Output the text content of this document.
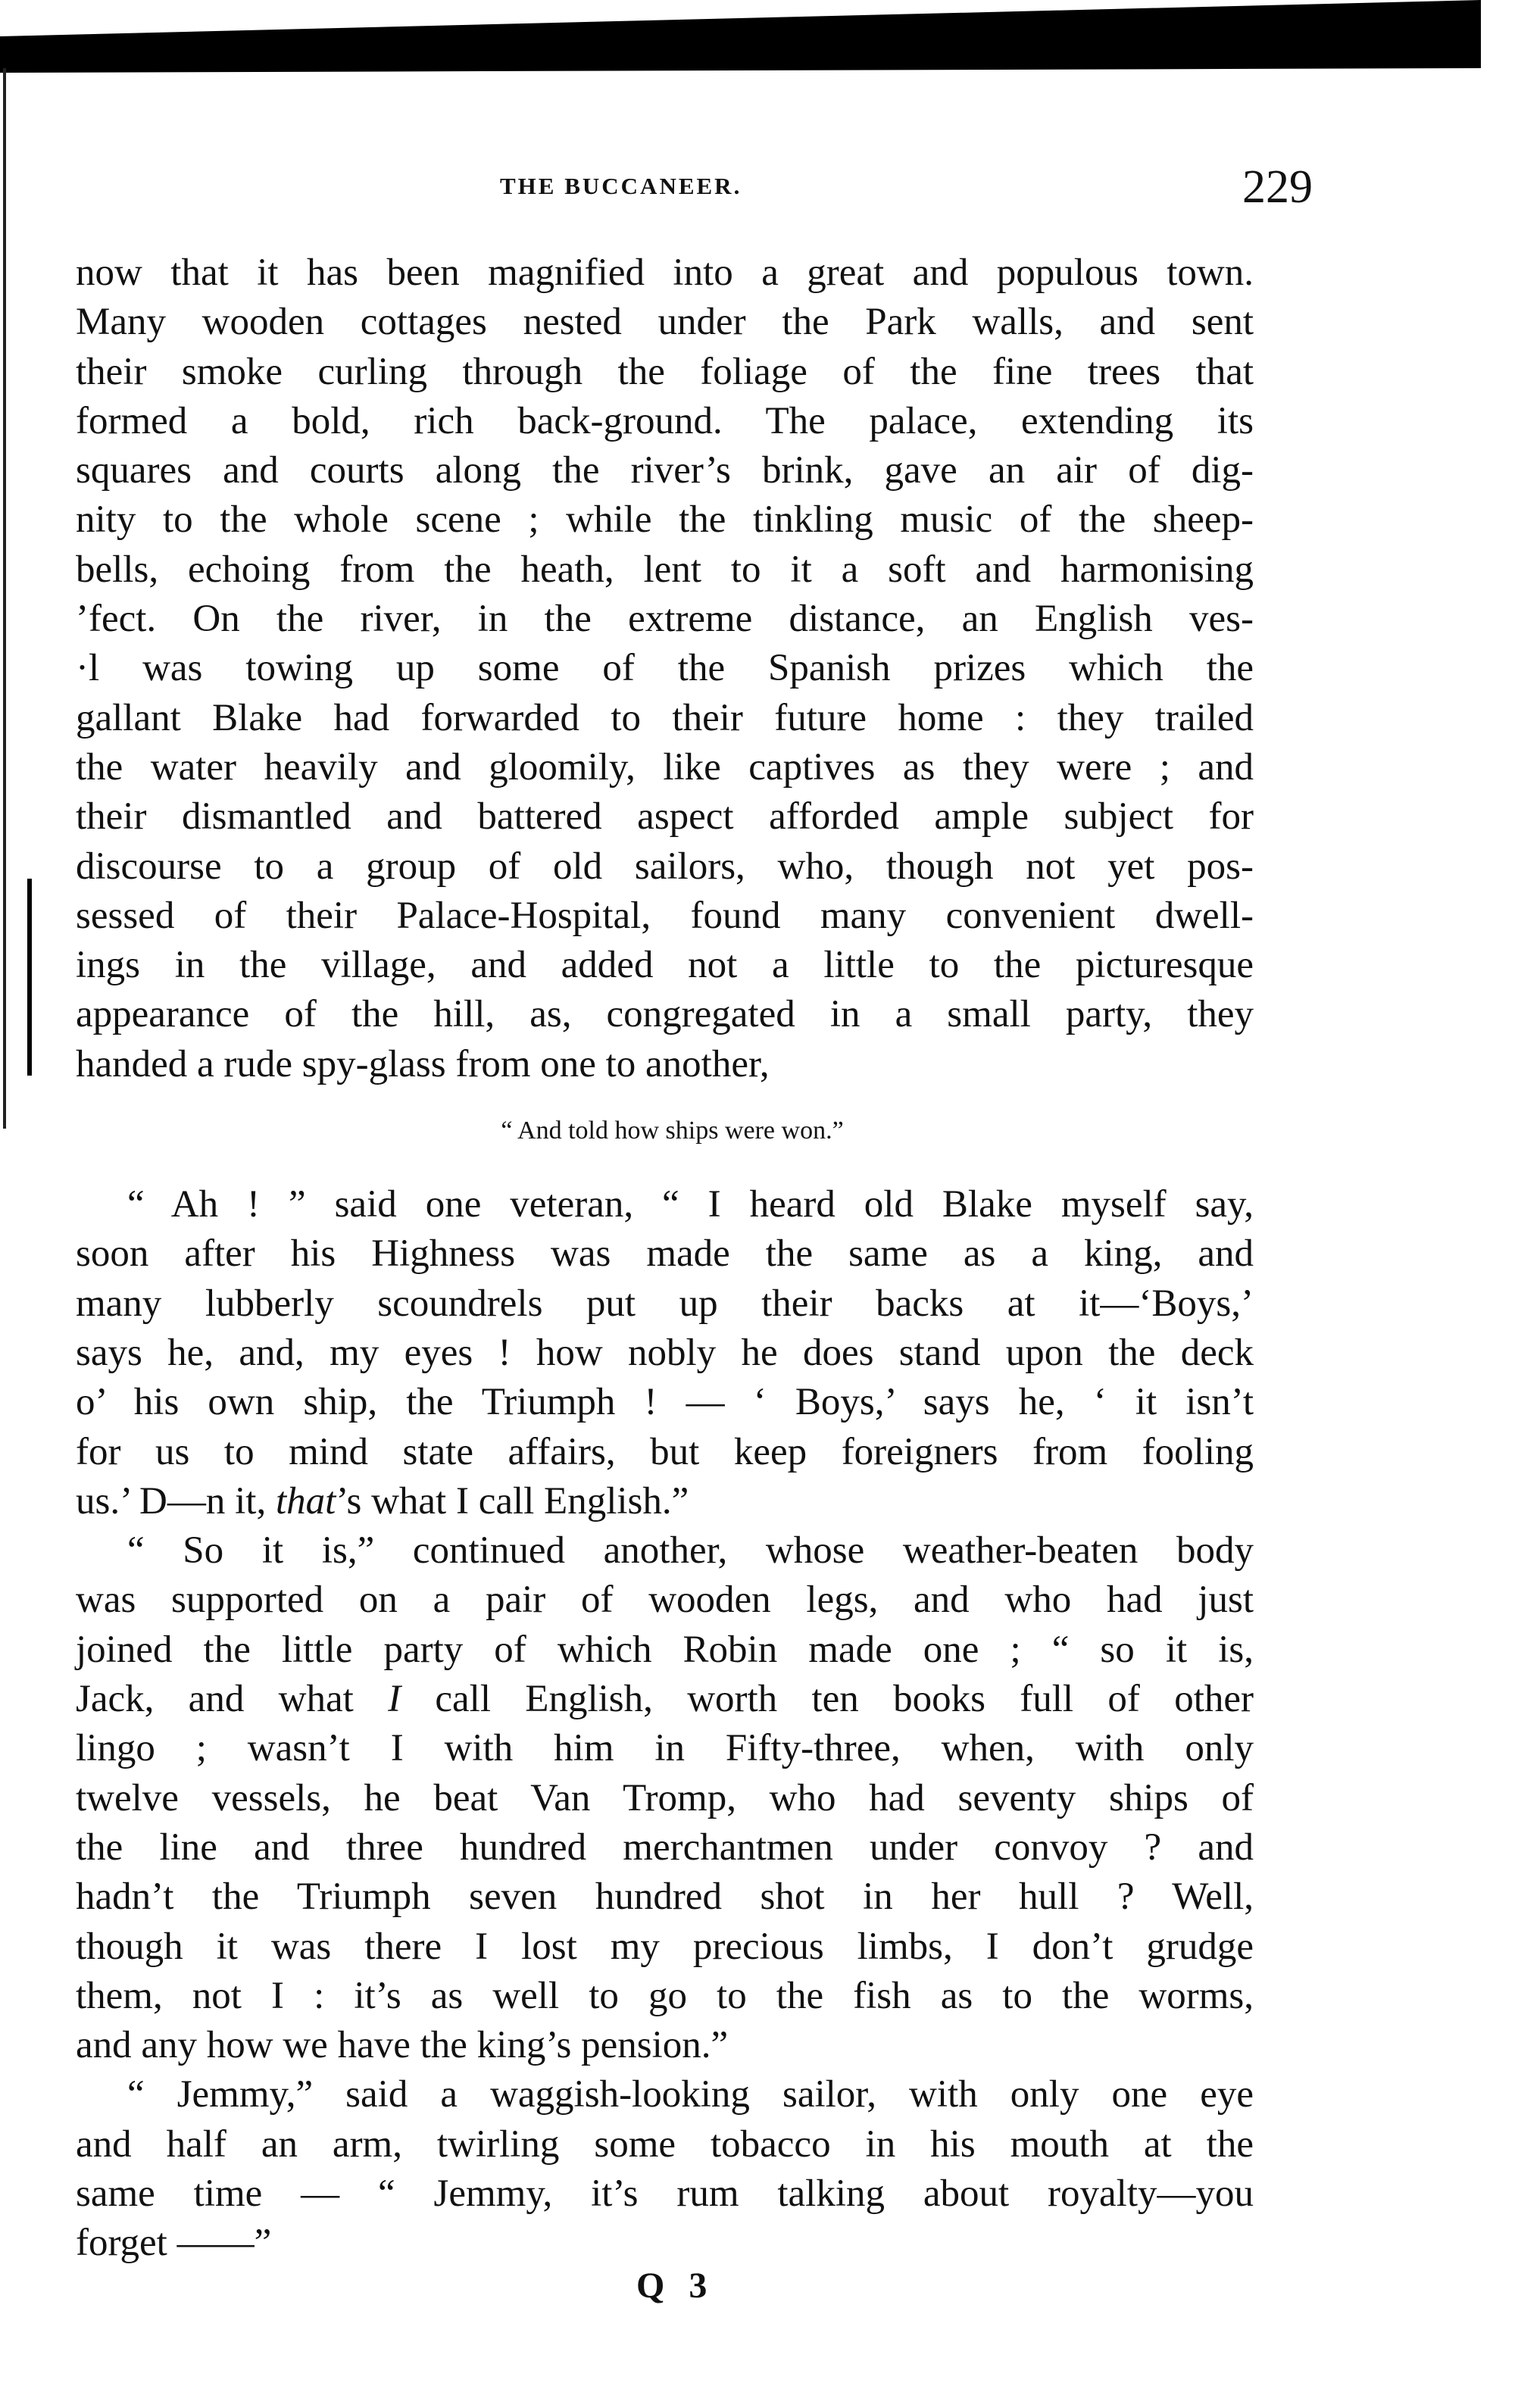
THE BUCCANEER.	229
now that it has been magnified into a great and populous town.
Many wooden cottages nested under the Park walls, and sent
their smoke curling through the foliage of the fine trees that
formed a bold, rich back-ground. The palace, extending its
squares and courts along the river’s brink, gave an air of dig-
nity to the whole scene ; while the tinkling music of the sheep-
bells, echoing from the heath, lent to it a soft and harmonising
’fect. On the river, in the extreme distance, an English ves-
·l was towing up some of the Spanish prizes which the
gallant Blake had forwarded to their future home : they trailed
the water heavily and gloomily, like captives as they were ; and
their dismantled and battered aspect afforded ample subject for
discourse to a group of old sailors, who, though not yet pos-
sessed of their Palace-Hospital, found many convenient dwell-
ings in the village, and added not a little to the picturesque
appearance of the hill, as, congregated in a small party, they
handed a rude spy-glass from one to another,
“ And told how ships were won.”
“ Ah ! ” said one veteran, “ I heard old Blake myself say,
soon after his Highness was made the same as a king, and
many lubberly scoundrels put up their backs at it—‘Boys,’
says he, and, my eyes ! how nobly he does stand upon the deck
o’ his own ship, the Triumph ! — ‘ Boys,’ says he, ‘ it isn’t
for us to mind state affairs, but keep foreigners from fooling
us.’ D—n it, that’s what I call English.”
“ So it is,” continued another, whose weather-beaten body
was supported on a pair of wooden legs, and who had just
joined the little party of which Robin made one ; “ so it is,
Jack, and what I call English, worth ten books full of other
lingo ; wasn’t I with him in Fifty-three, when, with only
twelve vessels, he beat Van Tromp, who had seventy ships of
the line and three hundred merchantmen under convoy ? and
hadn’t the Triumph seven hundred shot in her hull ? Well,
though it was there I lost my precious limbs, I don’t grudge
them, not I : it’s as well to go to the fish as to the worms,
and any how we have the king’s pension.”
“ Jemmy,” said a waggish-looking sailor, with only one eye
and half an arm, twirling some tobacco in his mouth at the
same time — “ Jemmy, it’s rum talking about royalty—you
forget ——”
Q 3
